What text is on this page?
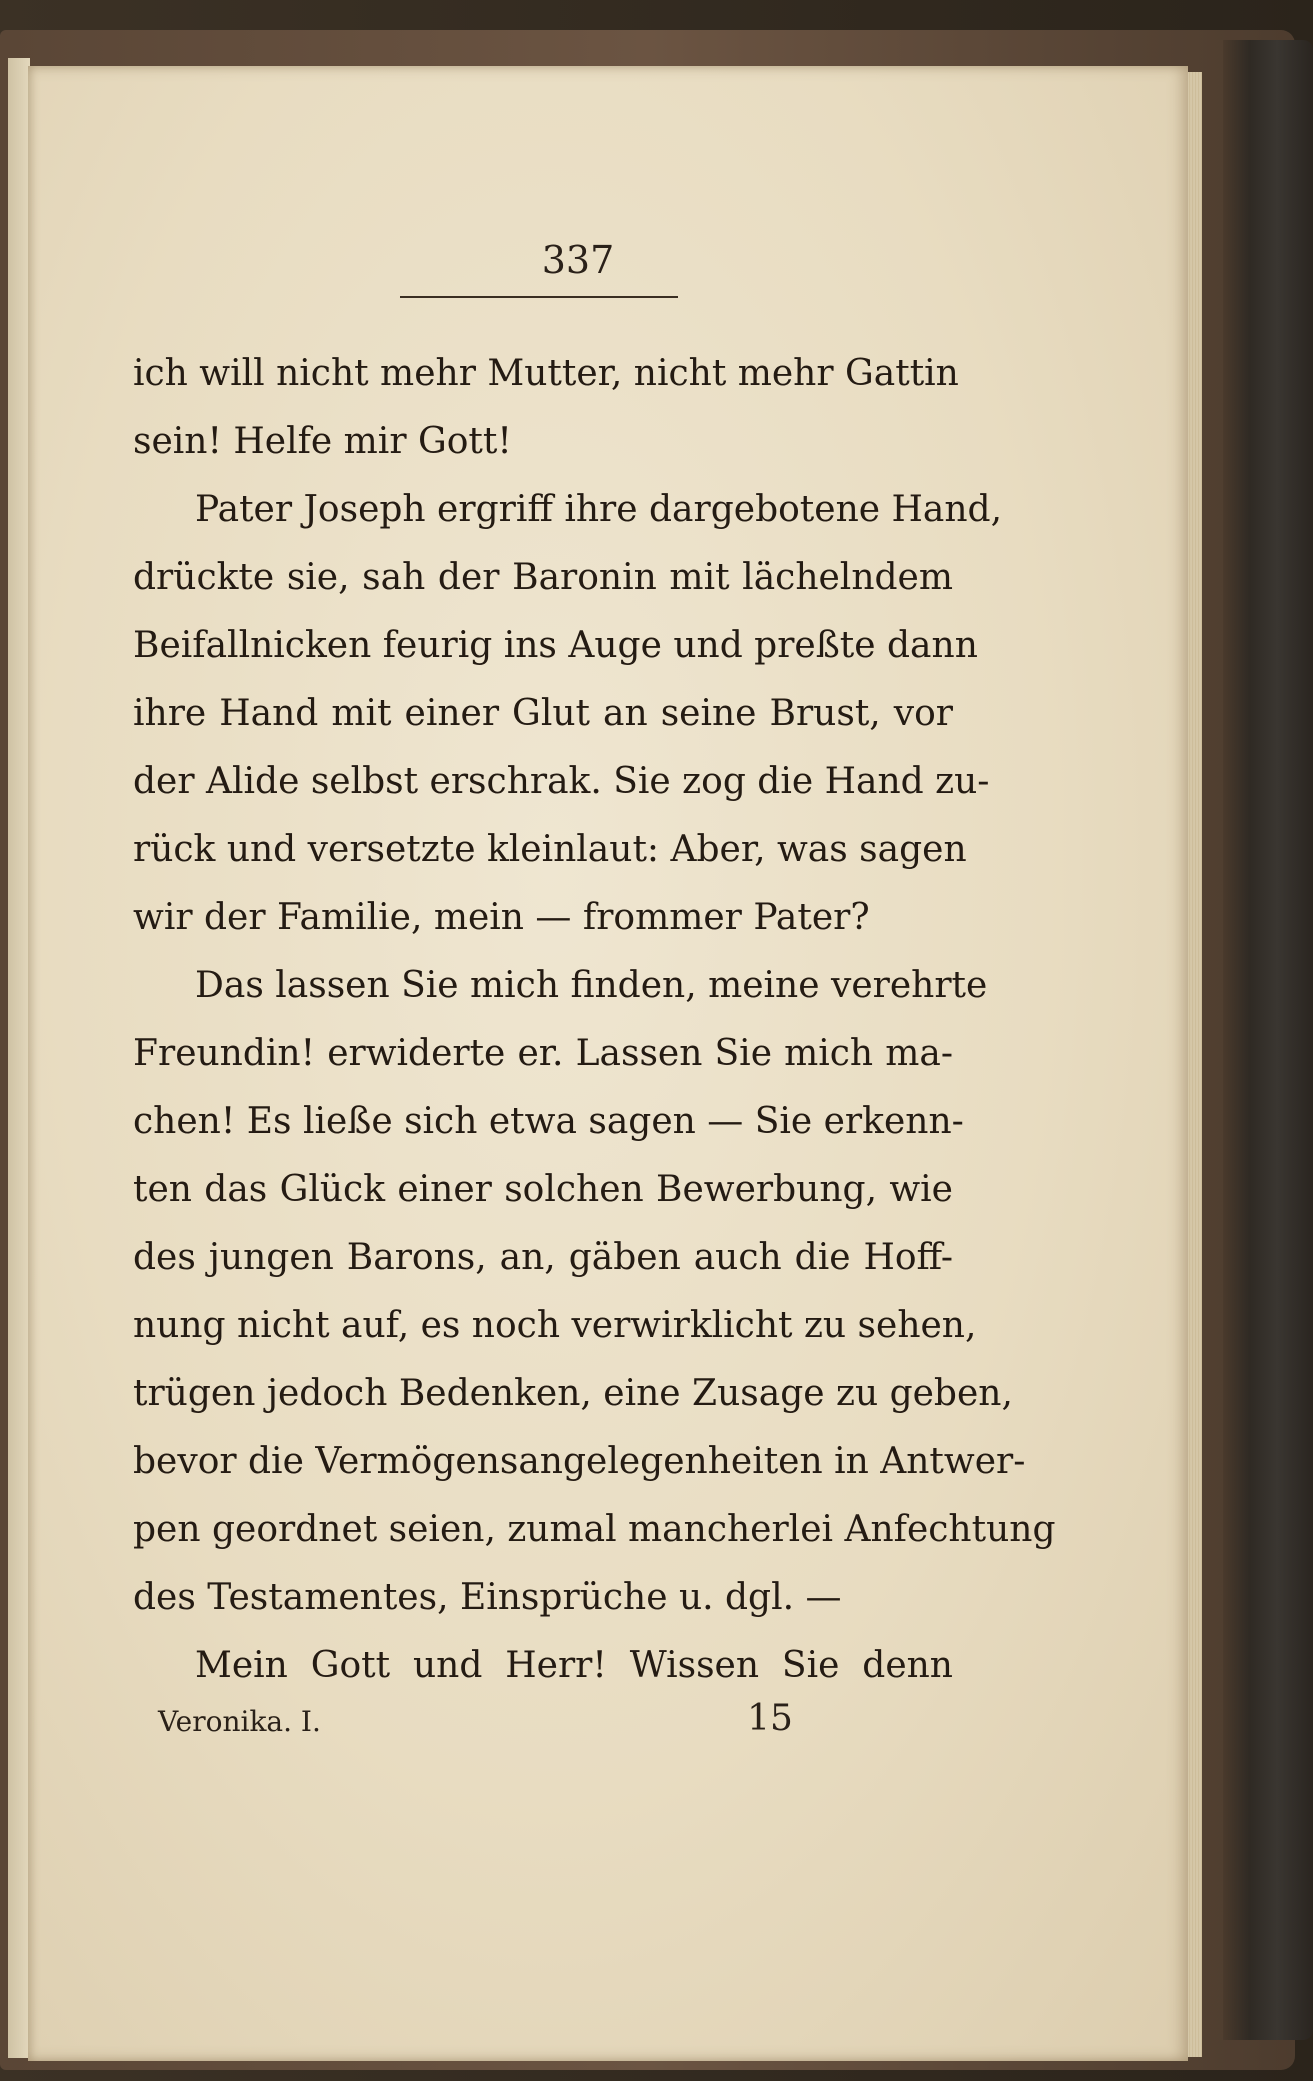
337
ich will nicht mehr Mutter, nicht mehr Gattin
sein! Helfe mir Gott!
Pater Joseph ergriff ihre dargebotene Hand,
drückte sie, sah der Baronin mit lächelndem
Beifallnicken feurig ins Auge und preßte dann
ihre Hand mit einer Glut an seine Brust, vor
der Alide selbst erschrak. Sie zog die Hand zu-
rück und versetzte kleinlaut: Aber, was sagen
wir der Familie, mein — frommer Pater?
Das lassen Sie mich finden, meine verehrte
Freundin! erwiderte er. Lassen Sie mich ma-
chen! Es ließe sich etwa sagen — Sie erkenn-
ten das Glück einer solchen Bewerbung, wie
des jungen Barons, an, gäben auch die Hoff-
nung nicht auf, es noch verwirklicht zu sehen,
trügen jedoch Bedenken, eine Zusage zu geben,
bevor die Vermögensangelegenheiten in Antwer-
pen geordnet seien, zumal mancherlei Anfechtung
des Testamentes, Einsprüche u. dgl. —
Mein Gott und Herr! Wissen Sie denn
Veronika. I.	15
